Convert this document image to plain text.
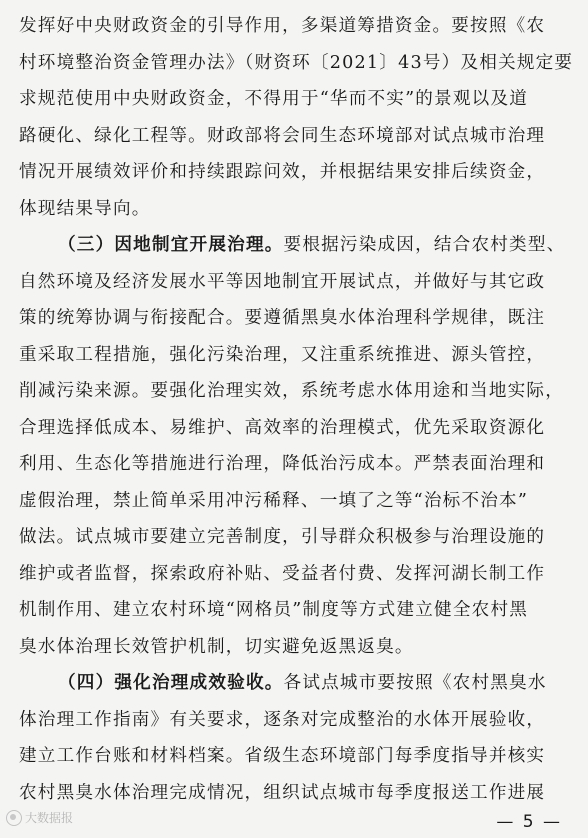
发挥好中央财政资金的引导作用，多渠道筹措资金。要按照《农
村环境整治资金管理办法》（财资环〔2021〕43号）及相关规定要
求规范使用中央财政资金，不得用于“华而不实”的景观以及道
路硬化、绿化工程等。财政部将会同生态环境部对试点城市治理
情况开展绩效评价和持续跟踪问效，并根据结果安排后续资金，
体现结果导向。
（三）因地制宜开展治理。要根据污染成因，结合农村类型、
自然环境及经济发展水平等因地制宜开展试点，并做好与其它政
策的统筹协调与衔接配合。要遵循黑臭水体治理科学规律，既注
重采取工程措施，强化污染治理，又注重系统推进、源头管控，
削减污染来源。要强化治理实效，系统考虑水体用途和当地实际，
合理选择低成本、易维护、高效率的治理模式，优先采取资源化
利用、生态化等措施进行治理，降低治污成本。严禁表面治理和
虚假治理，禁止简单采用冲污稀释、一填了之等“治标不治本”
做法。试点城市要建立完善制度，引导群众积极参与治理设施的
维护或者监督，探索政府补贴、受益者付费、发挥河湖长制工作
机制作用、建立农村环境“网格员”制度等方式建立健全农村黑
臭水体治理长效管护机制，切实避免返黑返臭。
（四）强化治理成效验收。各试点城市要按照《农村黑臭水
体治理工作指南》有关要求，逐条对完成整治的水体开展验收，
建立工作台账和材料档案。省级生态环境部门每季度指导并核实
农村黑臭水体治理完成情况，组织试点城市每季度报送工作进展
大数据报	— 5 —
